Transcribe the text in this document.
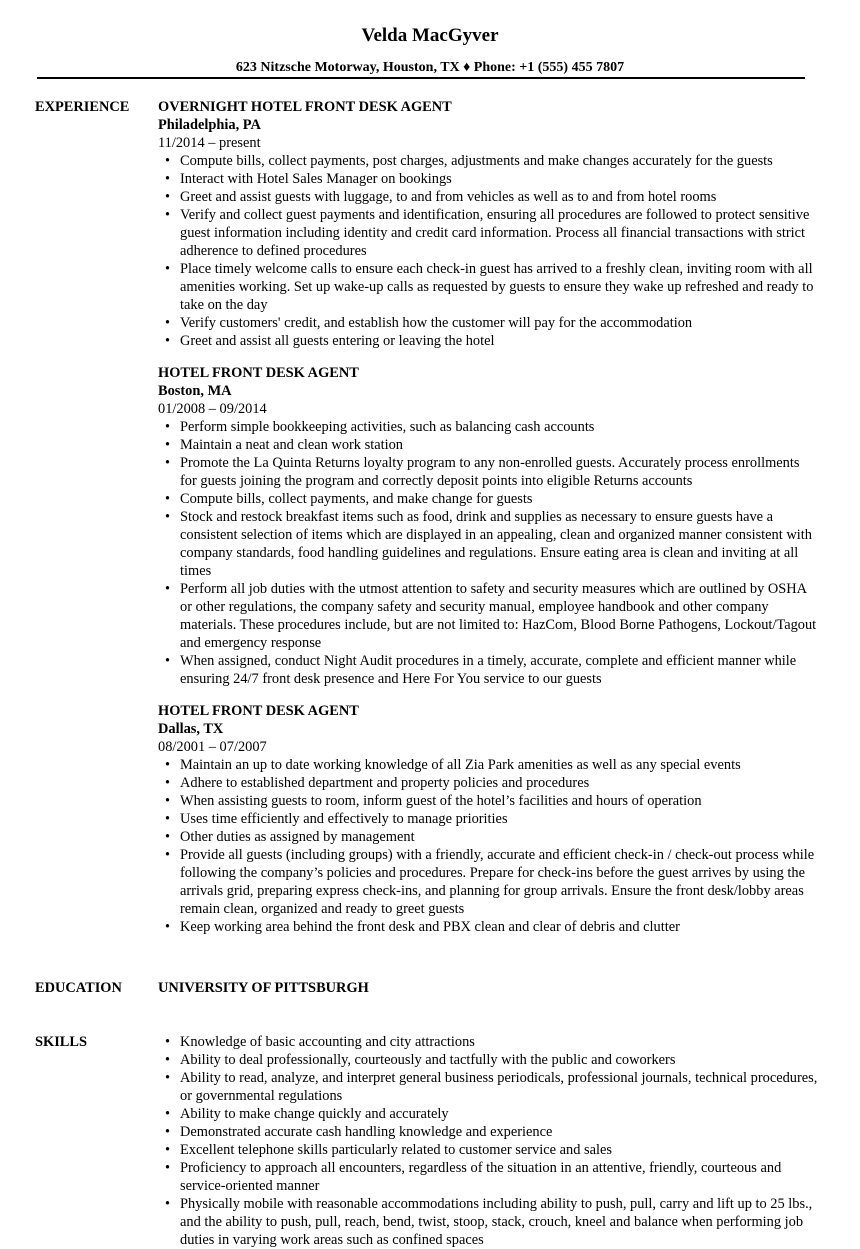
Velda MacGyver
623 Nitzsche Motorway, Houston, TX ♦ Phone: +1 (555) 455 7807
EXPERIENCE OVERNIGHT HOTEL FRONT DESK AGENT
Philadelphia, PA
11/2014 – present
• Compute bills, collect payments, post charges, adjustments and make changes accurately for the guests
• Interact with Hotel Sales Manager on bookings
• Greet and assist guests with luggage, to and from vehicles as well as to and from hotel rooms
• Verify and collect guest payments and identification, ensuring all procedures are followed to protect sensitive guest information including identity and credit card information. Process all financial transactions with strict adherence to defined procedures
• Place timely welcome calls to ensure each check-in guest has arrived to a freshly clean, inviting room with all amenities working. Set up wake-up calls as requested by guests to ensure they wake up refreshed and ready to take on the day
• Verify customers' credit, and establish how the customer will pay for the accommodation
• Greet and assist all guests entering or leaving the hotel
HOTEL FRONT DESK AGENT
Boston, MA
01/2008 – 09/2014
• Perform simple bookkeeping activities, such as balancing cash accounts
• Maintain a neat and clean work station
• Promote the La Quinta Returns loyalty program to any non-enrolled guests. Accurately process enrollments for guests joining the program and correctly deposit points into eligible Returns accounts
• Compute bills, collect payments, and make change for guests
• Stock and restock breakfast items such as food, drink and supplies as necessary to ensure guests have a consistent selection of items which are displayed in an appealing, clean and organized manner consistent with company standards, food handling guidelines and regulations. Ensure eating area is clean and inviting at all times
• Perform all job duties with the utmost attention to safety and security measures which are outlined by OSHA or other regulations, the company safety and security manual, employee handbook and other company materials. These procedures include, but are not limited to: HazCom, Blood Borne Pathogens, Lockout/Tagout and emergency response
• When assigned, conduct Night Audit procedures in a timely, accurate, complete and efficient manner while ensuring 24/7 front desk presence and Here For You service to our guests
HOTEL FRONT DESK AGENT
Dallas, TX
08/2001 – 07/2007
• Maintain an up to date working knowledge of all Zia Park amenities as well as any special events
• Adhere to established department and property policies and procedures
• When assisting guests to room, inform guest of the hotel’s facilities and hours of operation
• Uses time efficiently and effectively to manage priorities
• Other duties as assigned by management
• Provide all guests (including groups) with a friendly, accurate and efficient check-in / check-out process while following the company’s policies and procedures. Prepare for check-ins before the guest arrives by using the arrivals grid, preparing express check-ins, and planning for group arrivals. Ensure the front desk/lobby areas remain clean, organized and ready to greet guests
• Keep working area behind the front desk and PBX clean and clear of debris and clutter
EDUCATION	UNIVERSITY OF PITTSBURGH
SKILLS
•	Knowledge of basic accounting and city attractions
• Ability to deal professionally, courteously and tactfully with the public and coworkers
• Ability to read, analyze, and interpret general business periodicals, professional journals, technical procedures, or governmental regulations
• Ability to make change quickly and accurately
• Demonstrated accurate cash handling knowledge and experience
• Excellent telephone skills particularly related to customer service and sales
• Proficiency to approach all encounters, regardless of the situation in an attentive, friendly, courteous and service-oriented manner
• Physically mobile with reasonable accommodations including ability to push, pull, carry and lift up to 25 lbs., and the ability to push, pull, reach, bend, twist, stoop, stack, crouch, kneel and balance when performing job duties in varying work areas such as confined spaces
